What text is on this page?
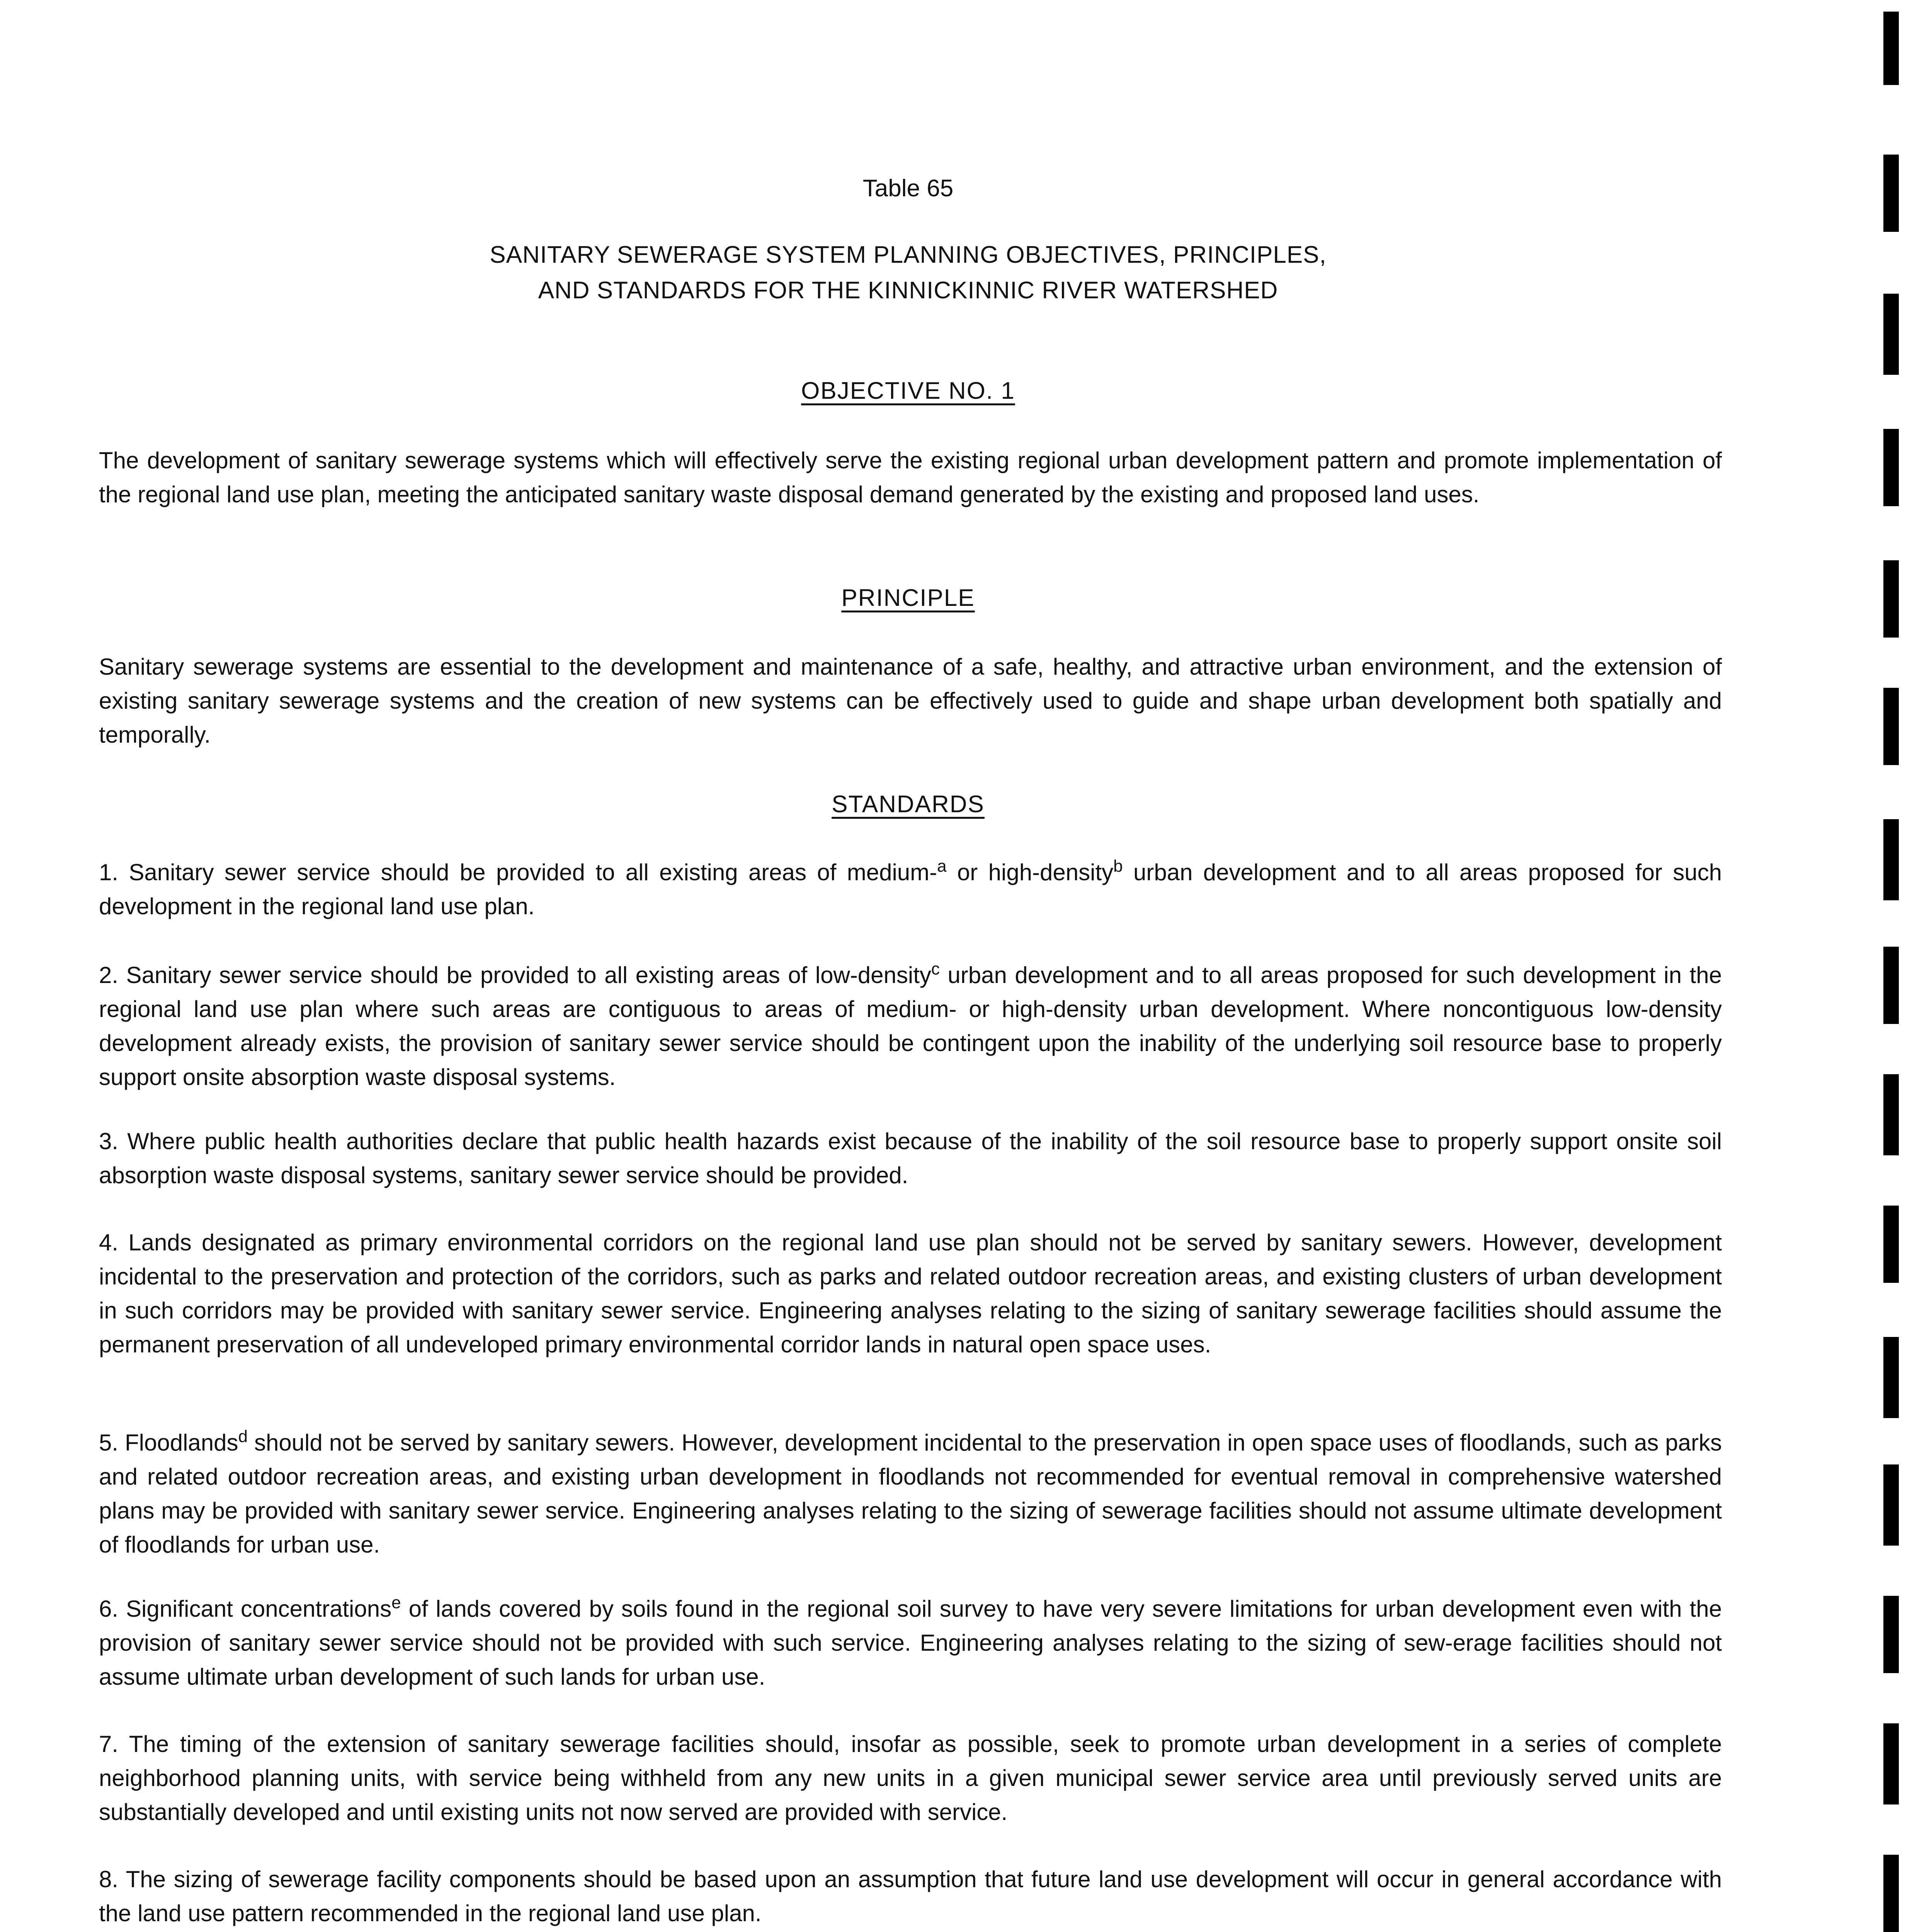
Table 65
SANITARY SEWERAGE SYSTEM PLANNING OBJECTIVES, PRINCIPLES,
AND STANDARDS FOR THE KINNICKINNIC RIVER WATERSHED
OBJECTIVE NO. 1
The development of sanitary sewerage systems which will effectively serve the existing regional urban development pattern and promote implementation of the regional land use plan, meeting the anticipated sanitary waste disposal demand generated by the existing and proposed land uses.
PRINCIPLE
Sanitary sewerage systems are essential to the development and maintenance of a safe, healthy, and attractive urban environment, and the extension of existing sanitary sewerage systems and the creation of new systems can be effectively used to guide and shape urban development both spatially and temporally.
STANDARDS
1. Sanitary sewer service should be provided to all existing areas of medium-$^a$ or high-density$^b$ urban development and to all areas proposed for such development in the regional land use plan.
2. Sanitary sewer service should be provided to all existing areas of low-density$^c$ urban development and to all areas proposed for such development in the regional land use plan where such areas are contiguous to areas of medium- or high-density urban development. Where noncontiguous low-density development already exists, the provision of sanitary sewer service should be contingent upon the inability of the underlying soil resource base to properly support onsite absorption waste disposal systems.
3. Where public health authorities declare that public health hazards exist because of the inability of the soil resource base to properly support onsite soil absorption waste disposal systems, sanitary sewer service should be provided.
4. Lands designated as primary environmental corridors on the regional land use plan should not be served by sanitary sewers. However, development incidental to the preservation and protection of the corridors, such as parks and related outdoor recreation areas, and existing clusters of urban development in such corridors may be provided with sanitary sewer service. Engineering analyses relating to the sizing of sanitary sewerage facilities should assume the permanent preservation of all undeveloped primary environmental corridor lands in natural open space uses.
5. Floodlands$^d$ should not be served by sanitary sewers. However, development incidental to the preservation in open space uses of floodlands, such as parks and related outdoor recreation areas, and existing urban development in floodlands not recommended for eventual removal in comprehensive watershed plans may be provided with sanitary sewer service. Engineering analyses relating to the sizing of sewerage facilities should not assume ultimate development of floodlands for urban use.
6. Significant concentrations$^e$ of lands covered by soils found in the regional soil survey to have very severe limitations for urban development even with the provision of sanitary sewer service should not be provided with such service. Engineering analyses relating to the sizing of sew-erage facilities should not assume ultimate urban development of such lands for urban use.
7. The timing of the extension of sanitary sewerage facilities should, insofar as possible, seek to promote urban development in a series of complete neighborhood planning units, with service being withheld from any new units in a given municipal sewer service area until previously served units are substantially developed and until existing units not now served are provided with service.
8. The sizing of sewerage facility components should be based upon an assumption that future land use development will occur in general accordance with the land use pattern recommended in the regional land use plan.
